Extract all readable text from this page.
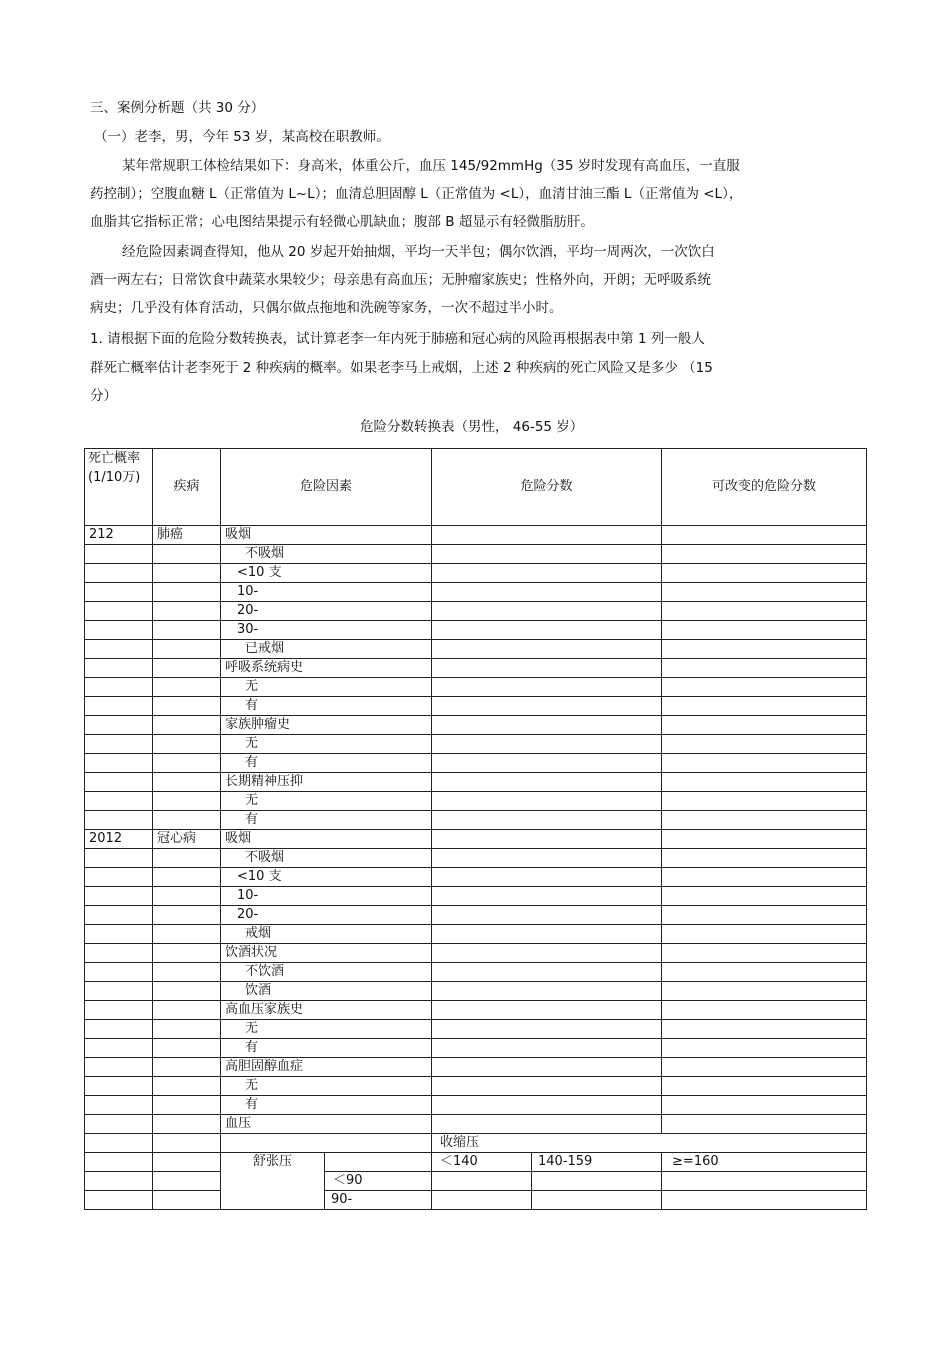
三、案例分析题（共 30 分）
（一）老李，男，今年 53 岁，某高校在职教师。
某年常规职工体检结果如下：身高米，体重公斤，血压 145/92mmHg（35 岁时发现有高血压，一直服
药控制）；空腹血糖 L（正常值为 L~L）；血清总胆固醇 L（正常值为 <L），血清甘油三酯 L（正常值为 <L），
血脂其它指标正常；心电图结果提示有轻微心肌缺血；腹部 B 超显示有轻微脂肪肝。
经危险因素调查得知，他从 20 岁起开始抽烟，平均一天半包；偶尔饮酒，平均一周两次，一次饮白
酒一两左右；日常饮食中蔬菜水果较少；母亲患有高血压；无肿瘤家族史；性格外向，开朗；无呼吸系统
病史；几乎没有体育活动，只偶尔做点拖地和洗碗等家务，一次不超过半小时。
1. 请根据下面的危险分数转换表，试计算老李一年内死于肺癌和冠心病的风险再根据表中第 1 列一般人
群死亡概率估计老李死于 2 种疾病的概率。如果老李马上戒烟，上述 2 种疾病的死亡风险又是多少 （15
分）
危险分数转换表（男性， 46-55 岁）
死亡概率(1/10万)	疾病	危险因素		危险分数		可改变的危险分数
212	肺癌	吸烟				
		不吸烟				
		<10 支				
		10-				
		20-				
		30-				
		已戒烟				
		呼吸系统病史				
		无				
		有				
		家族肿瘤史				
		无				
		有				
		长期精神压抑				
		无				
		有				
2012	冠心病	吸烟				
		不吸烟				
		<10 支				
		10-				
		20-				
		戒烟				
		饮酒状况				
		不饮酒				
		饮酒				
		高血压家族史				
		无				
		有				
		高胆固醇血症				
		无				
		有				
		血压				
				收缩压		
		舒张压		＜140	140-159	≥=160
			＜90			
			90-			
